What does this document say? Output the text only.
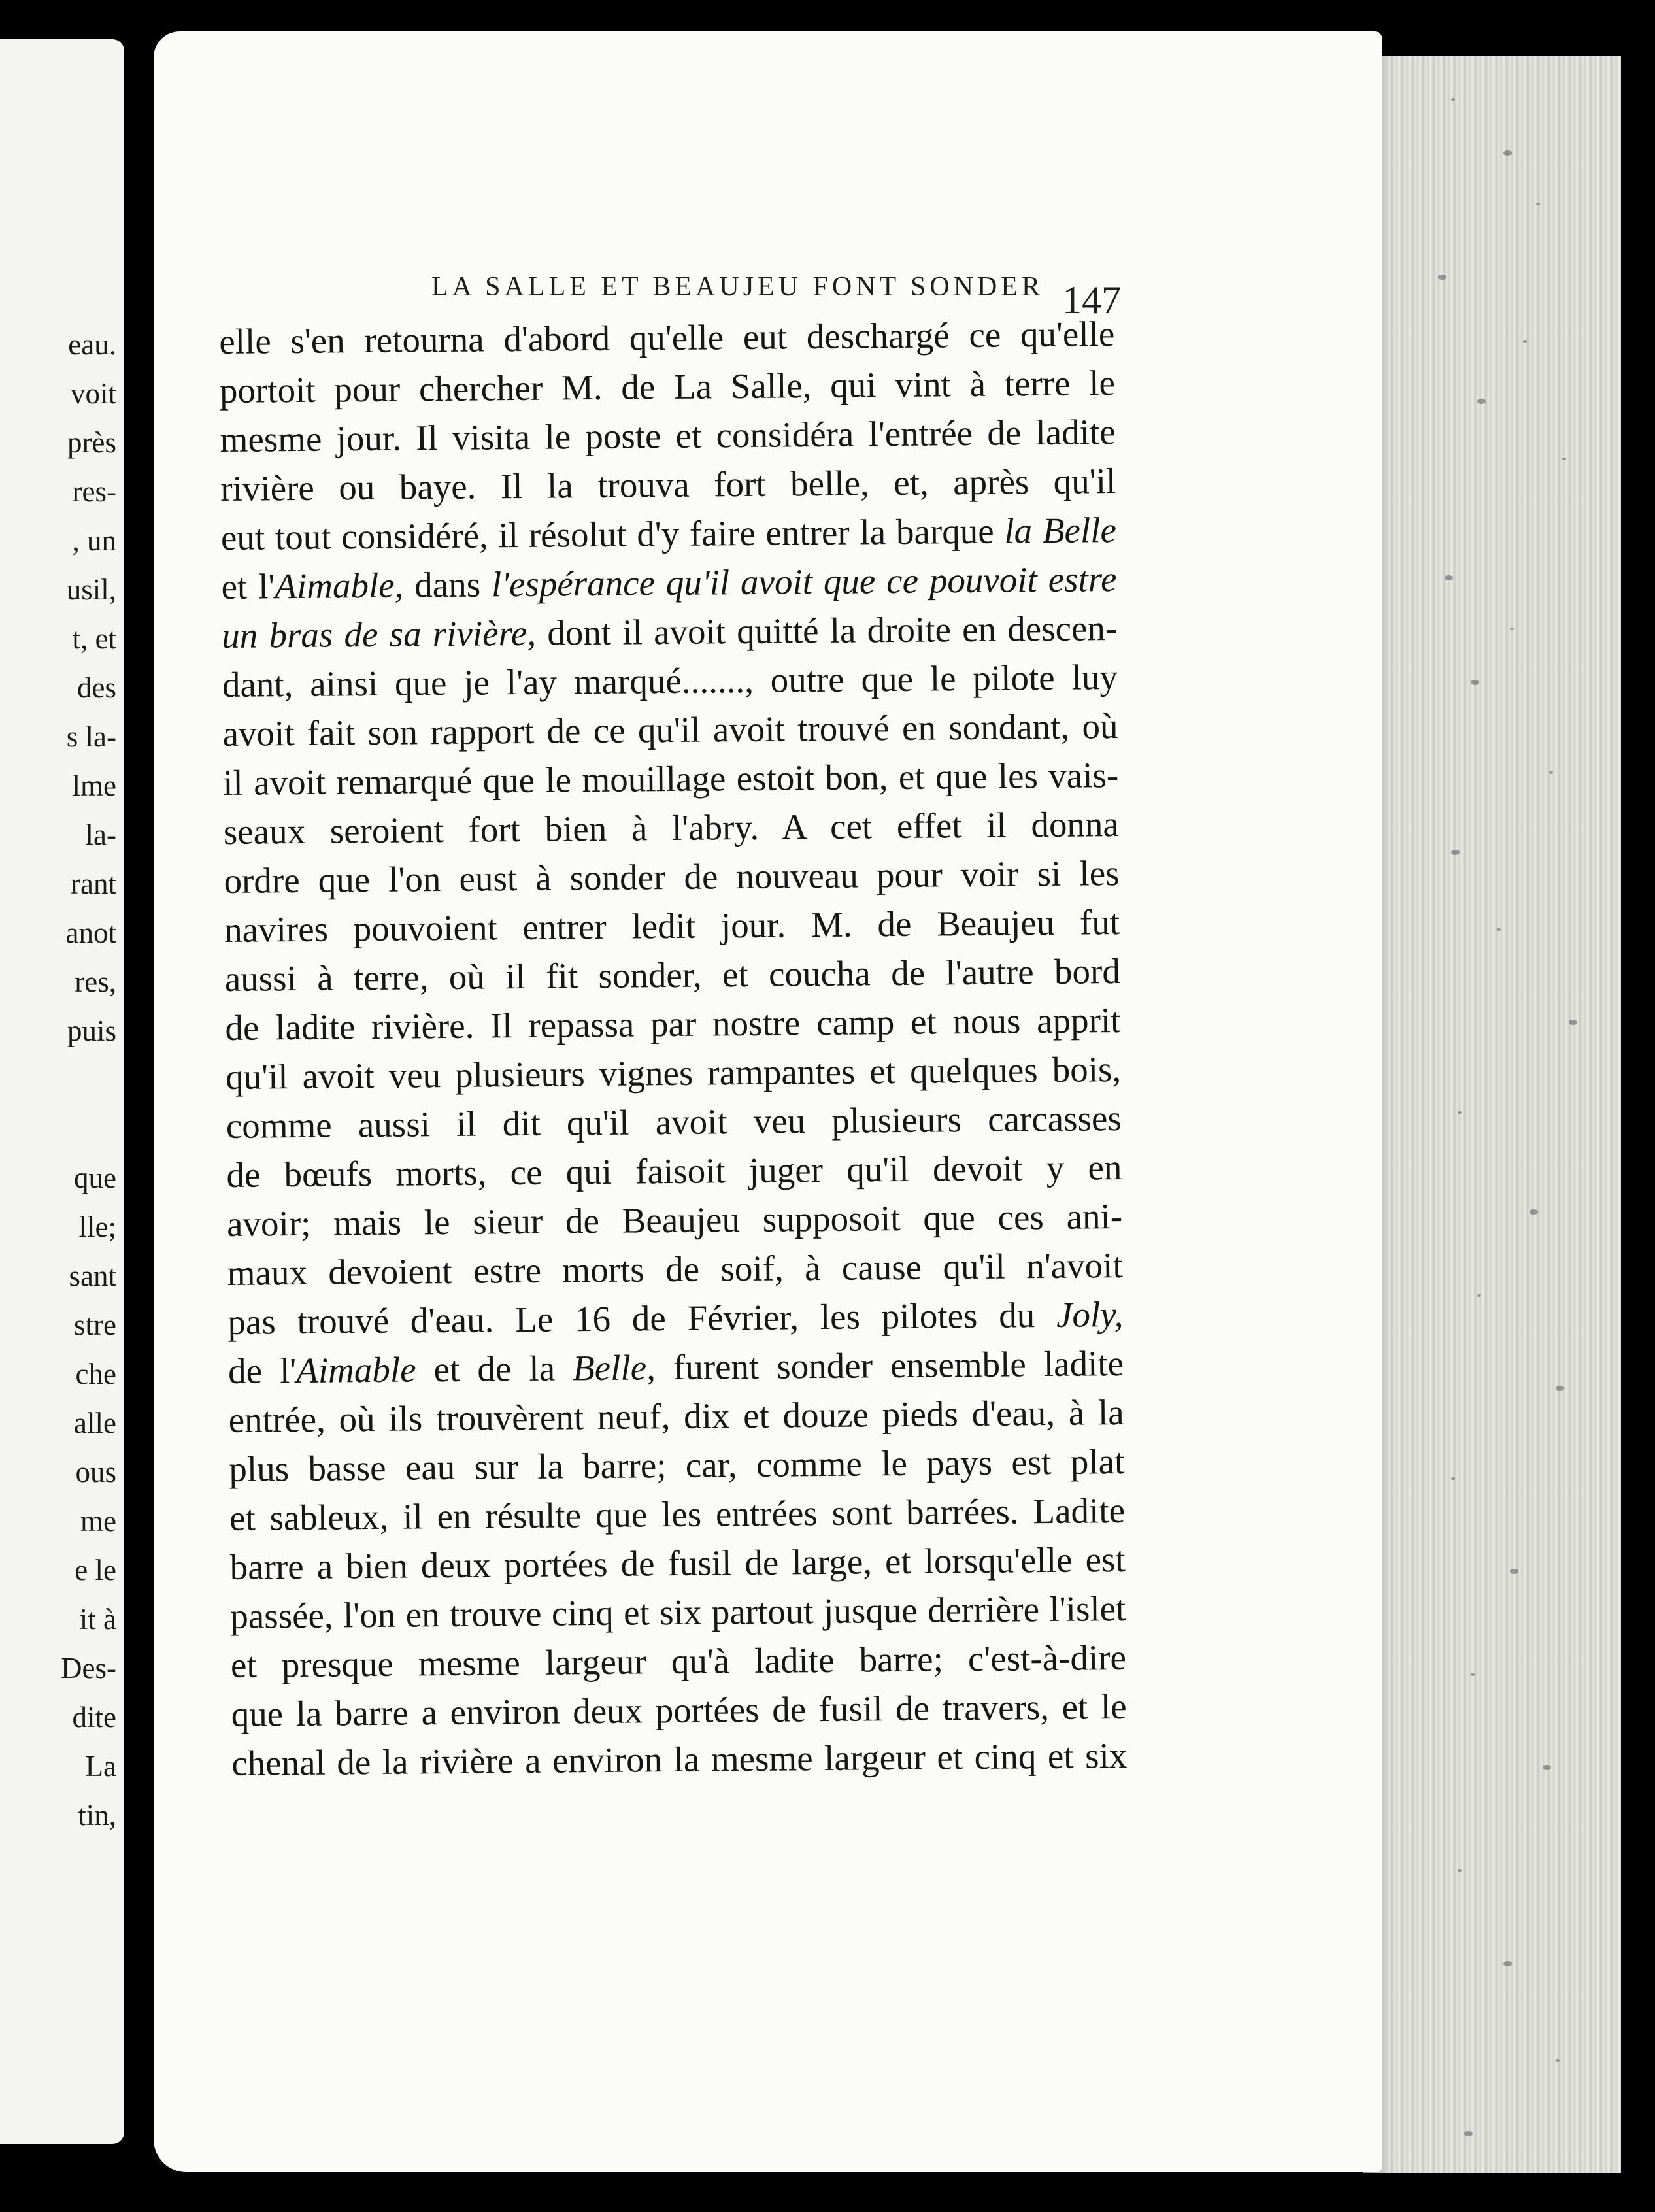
eau.
voit
près
res-
, un
usil,
t, et
des
s la-
lme
la-
rant
anot
res,
puis
que
lle;
sant
stre
che
alle
ous
me
e le
it à
Des-
dite
La
tin,
LA SALLE ET BEAUJEU FONT SONDER 147
elle s'en retourna d'abord qu'elle eut deschargé ce qu'elle
portoit pour chercher M. de La Salle, qui vint à terre le
mesme jour. Il visita le poste et considéra l'entrée de ladite
rivière ou baye. Il la trouva fort belle, et, après qu'il
eut tout considéré, il résolut d'y faire entrer la barque la Belle
et l'Aimable, dans l'espérance qu'il avoit que ce pouvoit estre
un bras de sa rivière, dont il avoit quitté la droite en descen-
dant, ainsi que je l'ay marqué......., outre que le pilote luy
avoit fait son rapport de ce qu'il avoit trouvé en sondant, où
il avoit remarqué que le mouillage estoit bon, et que les vais-
seaux seroient fort bien à l'abry. A cet effet il donna
ordre que l'on eust à sonder de nouveau pour voir si les
navires pouvoient entrer ledit jour. M. de Beaujeu fut
aussi à terre, où il fit sonder, et coucha de l'autre bord
de ladite rivière. Il repassa par nostre camp et nous apprit
qu'il avoit veu plusieurs vignes rampantes et quelques bois,
comme aussi il dit qu'il avoit veu plusieurs carcasses
de bœufs morts, ce qui faisoit juger qu'il devoit y en
avoir; mais le sieur de Beaujeu supposoit que ces ani-
maux devoient estre morts de soif, à cause qu'il n'avoit
pas trouvé d'eau. Le 16 de Février, les pilotes du Joly,
de l'Aimable et de la Belle, furent sonder ensemble ladite
entrée, où ils trouvèrent neuf, dix et douze pieds d'eau, à la
plus basse eau sur la barre; car, comme le pays est plat
et sableux, il en résulte que les entrées sont barrées. Ladite
barre a bien deux portées de fusil de large, et lorsqu'elle est
passée, l'on en trouve cinq et six partout jusque derrière l'islet
et presque mesme largeur qu'à ladite barre; c'est-à-dire
que la barre a environ deux portées de fusil de travers, et le
chenal de la rivière a environ la mesme largeur et cinq et six
